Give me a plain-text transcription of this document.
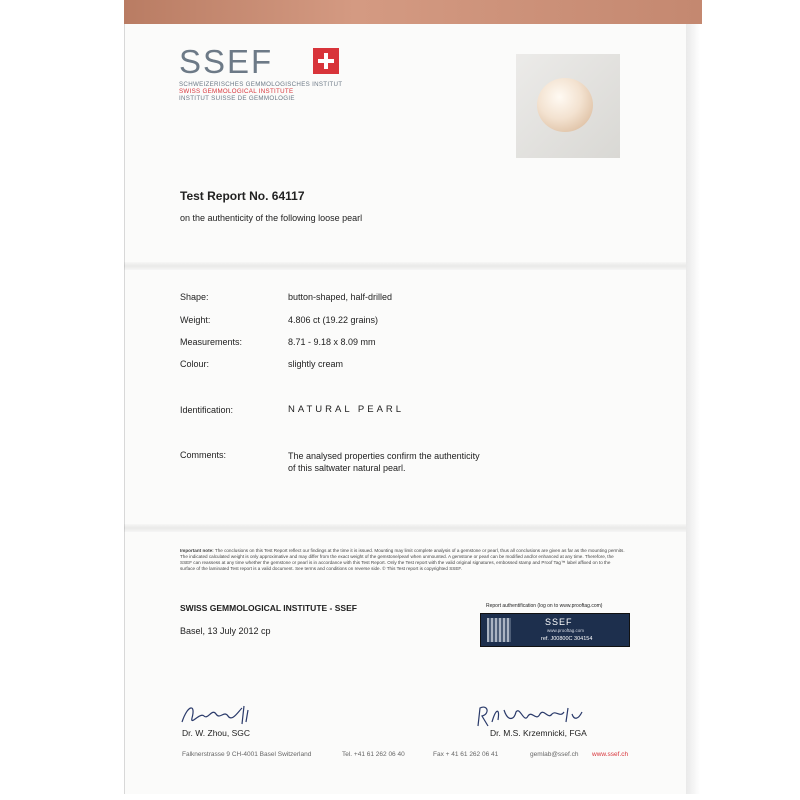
SSEF
SCHWEIZERISCHES GEMMOLOGISCHES INSTITUT
SWISS GEMMOLOGICAL INSTITUTE
INSTITUT SUISSE DE GEMMOLOGIE
Test Report No. 64117
on the authenticity of the following loose pearl
Shape:	button-shaped, half-drilled
Weight:	4.806 ct (19.22 grains)
Measurements:	8.71 - 9.18 x 8.09 mm
Colour:	slightly cream
Identification:	NATURAL PEARL
Comments:	The analysed properties confirm the authenticity
of this saltwater natural pearl.
Important note: The conclusions on this Test Report reflect our findings at the time it is issued. Mounting may limit complete analysis of a gemstone or pearl, thus all conclusions are given as far as the mounting permits. The indicated calculated weight is only approximative and may differ from the exact weight of the gemstone/pearl when unmounted. A gemstone or pearl can be modified and/or enhanced at any time. Therefore, the SSEF can reassess at any time whether the gemstone or pearl is in accordance with this Test Report. Only the Test report with the valid original signatures, embossed stamp and Proof Tag™ label affixed on to the surface of the laminated Test report is a valid document. See terms and conditions on reverse side. © This Test report is copyrighted SSEF.
SWISS GEMMOLOGICAL INSTITUTE - SSEF
Basel, 13 July 2012 cp
Report authentification (log on to www.prooftag.com)
SSEF
www.prooftag.com
ref. J00800C 304154
Dr. W. Zhou, SGC	Dr. M.S. Krzemnicki, FGA
Falknerstrasse 9 CH-4001 Basel Switzerland	Tel. +41 61 262 06 40	Fax + 41 61 262 06 41	gemlab@ssef.ch www.ssef.ch
